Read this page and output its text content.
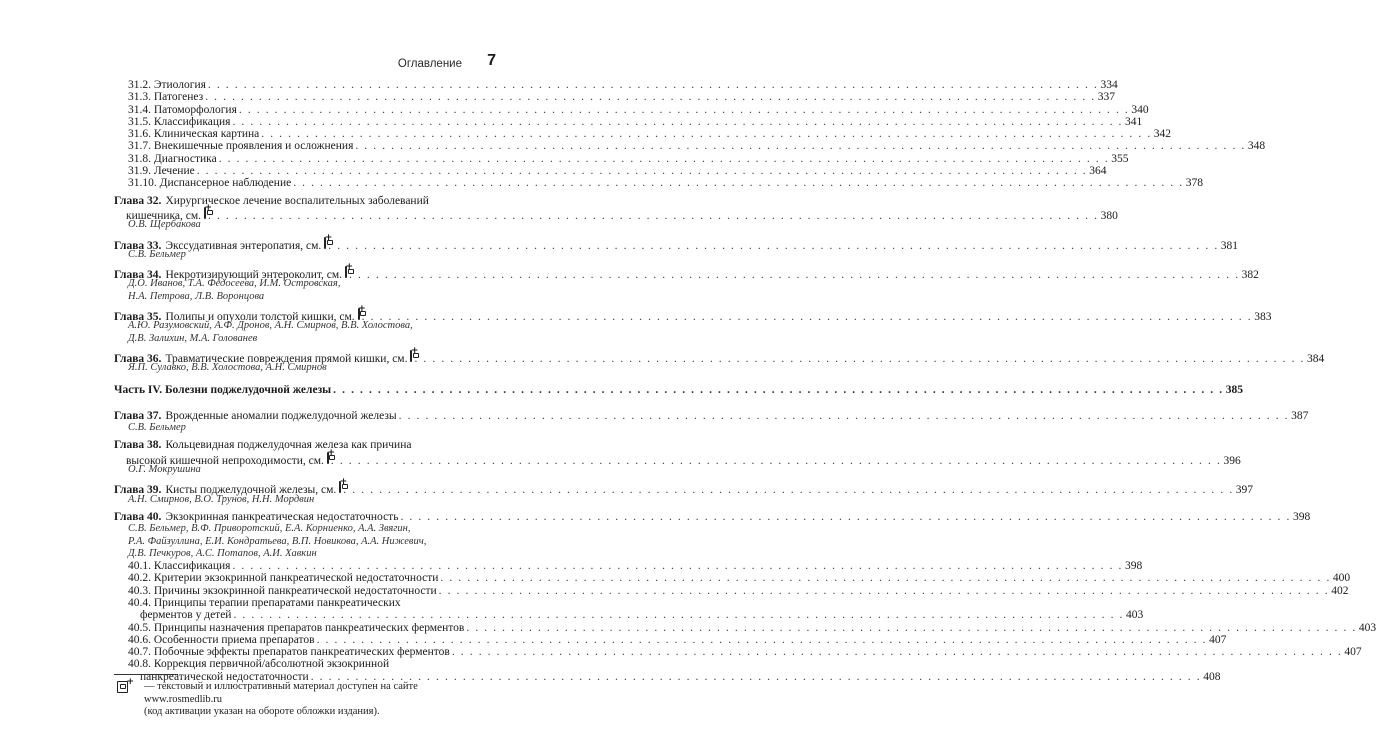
Оглавление 7
31.2. Этиология . . .	334
31.3. Патогенез . . .	337
31.4. Патоморфология . . .	340
31.5. Классификация . . .	341
31.6. Клиническая картина . . .	342
31.7. Внекишечные проявления и осложнения . . .	348
31.8. Диагностика . . .	355
31.9. Лечение . . .	364
31.10. Диспансерное наблюдение . . .	378
Глава 32. Хирургическое лечение воспалительных заболеваний
кишечника, см. + . . .	380
О.В. Щербакова
Глава 33. Экссудативная энтеропатия, см. + . . .	381
С.В. Бельмер
Глава 34. Некротизирующий энтероколит, см. + . . .	382
Д.О. Иванов, Т.А. Федосеева, И.М. Островская,
Н.А. Петрова, Л.В. Воронцова
Глава 35. Полипы и опухоли толстой кишки, см. + . . .	383
А.Ю. Разумовский, А.Ф. Дронов, А.Н. Смирнов, В.В. Холостова,
Д.В. Залихин, М.А. Голованев
Глава 36. Травматические повреждения прямой кишки, см. + . . .	384
Я.П. Сулавко, В.В. Холостова, А.Н. Смирнов
Часть IV. Болезни поджелудочной железы . . .	385
Глава 37. Врожденные аномалии поджелудочной железы . . .	387
С.В. Бельмер
Глава 38. Кольцевидная поджелудочная железа как причина
высокой кишечной непроходимости, см. + . . .	396
О.Г. Мокрушина
Глава 39. Кисты поджелудочной железы, см. + . . .	397
А.Н. Смирнов, В.О. Трунов, Н.Н. Мордвин
Глава 40. Экзокринная панкреатическая недостаточность . . .	398
С.В. Бельмер, В.Ф. Приворотский, Е.А. Корниенко, А.А. Звягин,
Р.А. Файзуллина, Е.И. Кондратьева, В.П. Новикова, А.А. Нижевич,
Д.В. Печкуров, А.С. Потапов, А.И. Хавкин
40.1. Классификация . . .	398
40.2. Критерии экзокринной панкреатической недостаточности . . .	400
40.3. Причины экзокринной панкреатической недостаточности . . .	402
40.4. Принципы терапии препаратами панкреатических
ферментов у детей . . .	403
40.5. Принципы назначения препаратов панкреатических ферментов . . .	403
40.6. Особенности приема препаратов . . .	407
40.7. Побочные эффекты препаратов панкреатических ферментов . . .	407
40.8. Коррекция первичной/абсолютной экзокринной
панкреатической недостаточности . . .	408
+
— текстовый и иллюстративный материал доступен на сайте www.rosmedlib.ru
(код активации указан на обороте обложки издания).
